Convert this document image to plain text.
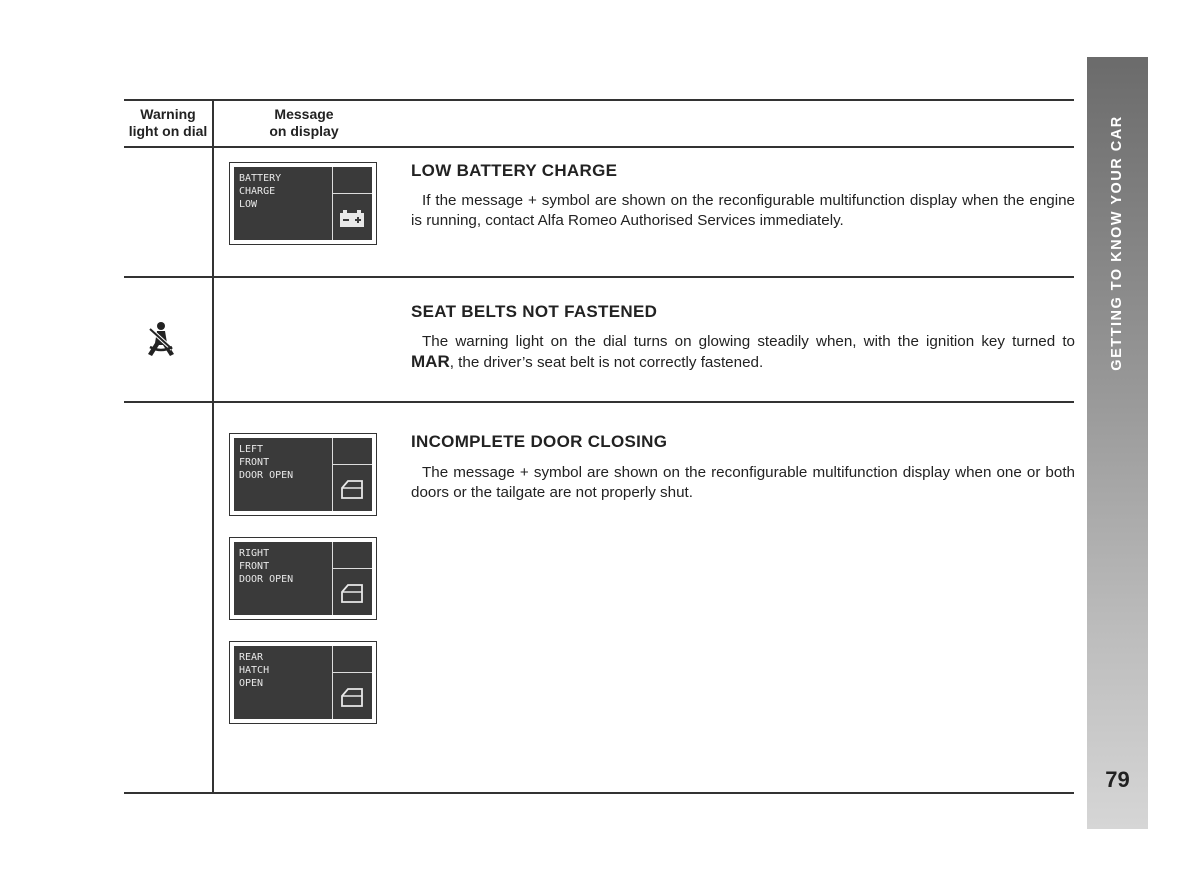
Warning
light on dial
Message
on display
BATTERY
CHARGE
LOW
LOW BATTERY CHARGE
If the message + symbol are shown on the reconfigurable multifunction display when the engine is running, contact Alfa Romeo Authorised Services immediately.
SEAT BELTS NOT FASTENED
The warning light on the dial turns on glowing steadily when, with the ignition key turned to MAR, the driver’s seat belt is not correctly fastened.
LEFT
FRONT
DOOR OPEN
RIGHT
FRONT
DOOR OPEN
REAR
HATCH
OPEN
INCOMPLETE DOOR CLOSING
The message + symbol are shown on the reconfigurable multifunction display when one or both doors or the tailgate are not properly shut.
GETTING TO KNOW YOUR CAR
79
